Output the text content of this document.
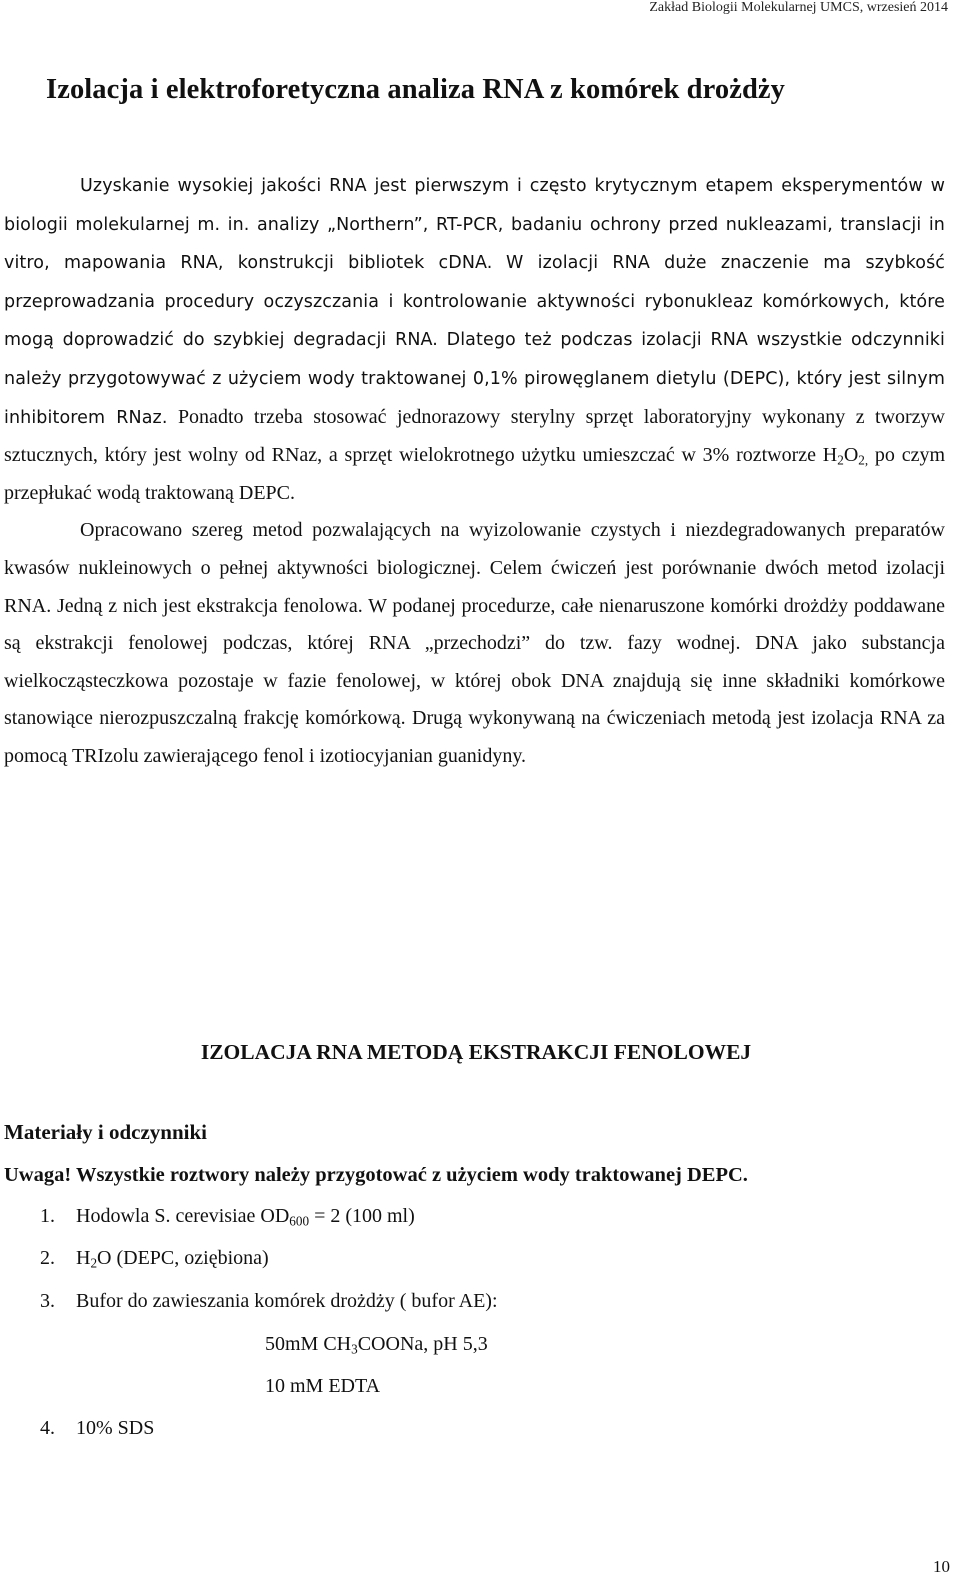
Zakład Biologii Molekularnej UMCS, wrzesień 2014
Izolacja i elektroforetyczna analiza RNA z komórek drożdży

Uzyskanie wysokiej jakości RNA jest pierwszym i często krytycznym etapem eksperymentów w biologii molekularnej m. in. analizy „Northern”, RT-PCR, badaniu ochrony przed nukleazami, translacji in vitro, mapowania RNA, konstrukcji bibliotek cDNA. W izolacji RNA duże znaczenie ma szybkość przeprowadzania procedury oczyszczania i kontrolowanie aktywności rybonukleaz komórkowych, które mogą doprowadzić do szybkiej degradacji RNA. Dlatego też podczas izolacji RNA wszystkie odczynniki należy przygotowywać z użyciem wody traktowanej 0,1% pirowęglanem dietylu (DEPC), który jest silnym inhibitorem RNaz. Ponadto trzeba stosować jednorazowy sterylny sprzęt laboratoryjny wykonany z tworzyw sztucznych, który jest wolny od RNaz, a sprzęt wielokrotnego użytku umieszczać w 3% roztworze $H_2O_{2,}$ po czym przepłukać wodą traktowaną DEPC.

Opracowano szereg metod pozwalających na wyizolowanie czystych i niezdegradowanych preparatów kwasów nukleinowych o pełnej aktywności biologicznej. Celem ćwiczeń jest porównanie dwóch metod izolacji RNA. Jedną z nich jest ekstrakcja fenolowa. W podanej procedurze, całe nienaruszone komórki drożdży poddawane są ekstrakcji fenolowej podczas, której RNA „przechodzi” do tzw. fazy wodnej. DNA jako substancja wielkocząsteczkowa pozostaje w fazie fenolowej, w której obok DNA znajdują się inne składniki komórkowe stanowiące nierozpuszczalną frakcję komórkową. Drugą wykonywaną na ćwiczeniach metodą jest izolacja RNA za pomocą TRIzolu zawierającego fenol i izotiocyjanian guanidyny.

IZOLACJA RNA METODĄ EKSTRAKCJI FENOLOWEJ
Materiały i odczynniki
Uwaga! Wszystkie roztwory należy przygotować z użyciem wody traktowanej DEPC.
1. Hodowla S. cerevisiae $OD_{600} = 2$ (100 ml)
2. $H_2O$ (DEPC, oziębiona)
3. Bufor do zawieszania komórek drożdży ( bufor AE):
50mM $CH_3COONa$, pH 5,3
10 mM EDTA
4. 10% SDS
10
